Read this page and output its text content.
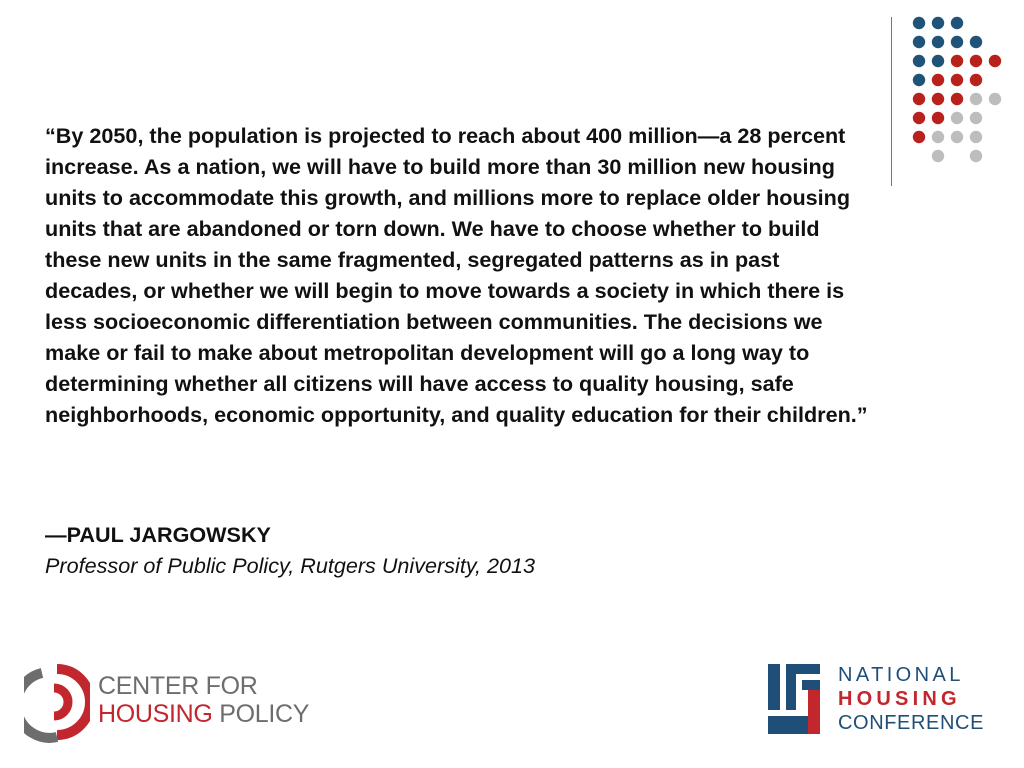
“By 2050, the population is projected to reach about 400 million—a 28 percent increase. As a nation, we will have to build more than 30 million new housing units to accommodate this growth, and millions more to replace older housing units that are abandoned or torn down. We have to choose whether to build these new units in the same fragmented, segregated patterns as in past decades, or whether we will begin to move towards a society in which there is less socioeconomic differentiation between communities. The decisions we make or fail to make about metropolitan development will go a long way to determining whether all citizens will have access to quality housing, safe neighborhoods, economic opportunity, and quality education for their children.”

—PAUL JARGOWSKY

Professor of Public Policy, Rutgers University, 2013

CENTER FOR
HOUSING POLICY
NATIONAL
HOUSING
CONFERENCE
